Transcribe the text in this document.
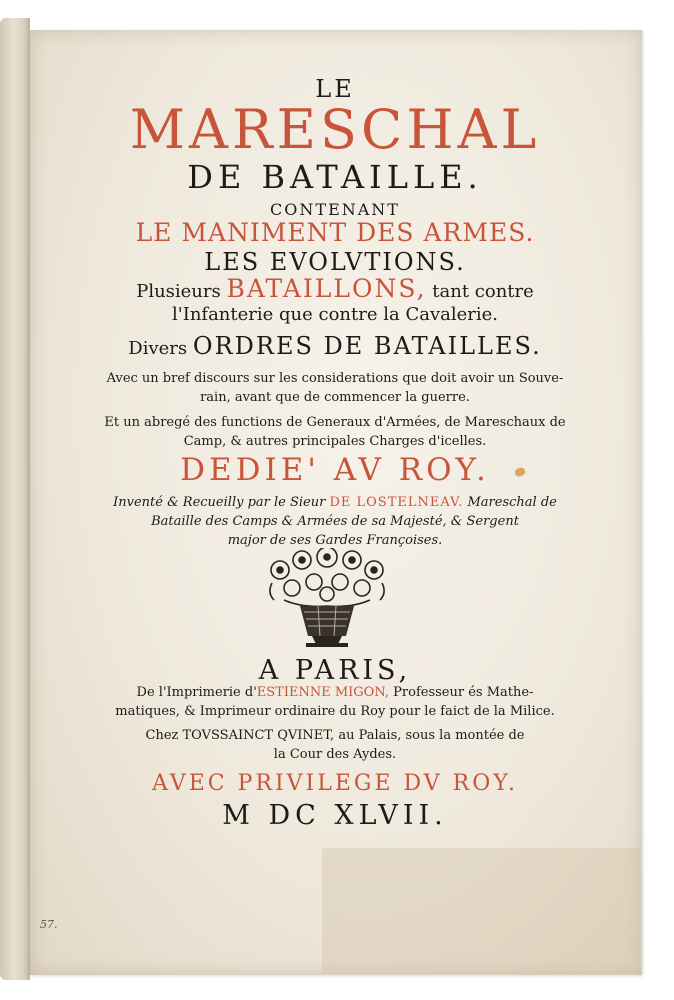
LE
MARESCHAL
DE BATAILLE.
CONTENANT
LE MANIMENT DES ARMES.
LES EVOLVTIONS.
Plusieurs BATAILLONS, tant contre
l'Infanterie que contre la Cavalerie.
Divers ORDRES DE BATAILLES.
Avec un bref discours sur les considerations que doit avoir un Souve-
rain, avant que de commencer la guerre.
Et un abregé des functions de Generaux d'Armées, de Mareschaux de
Camp, & autres principales Charges d'icelles.
DEDIE' AV ROY.
Inventé & Recueilly par le Sieur DE LOSTELNEAV. Mareschal de
Bataille des Camps & Armées de sa Majesté, & Sergent
major de ses Gardes Françoises.
A PARIS,
De l'Imprimerie d'ESTIENNE MIGON, Professeur és Mathe-
matiques, & Imprimeur ordinaire du Roy pour le faict de la Milice.
Chez TOVSSAINCT QVINET, au Palais, sous la montée de
la Cour des Aydes.
AVEC PRIVILEGE DV ROY.
M DC XLVII.
57.
